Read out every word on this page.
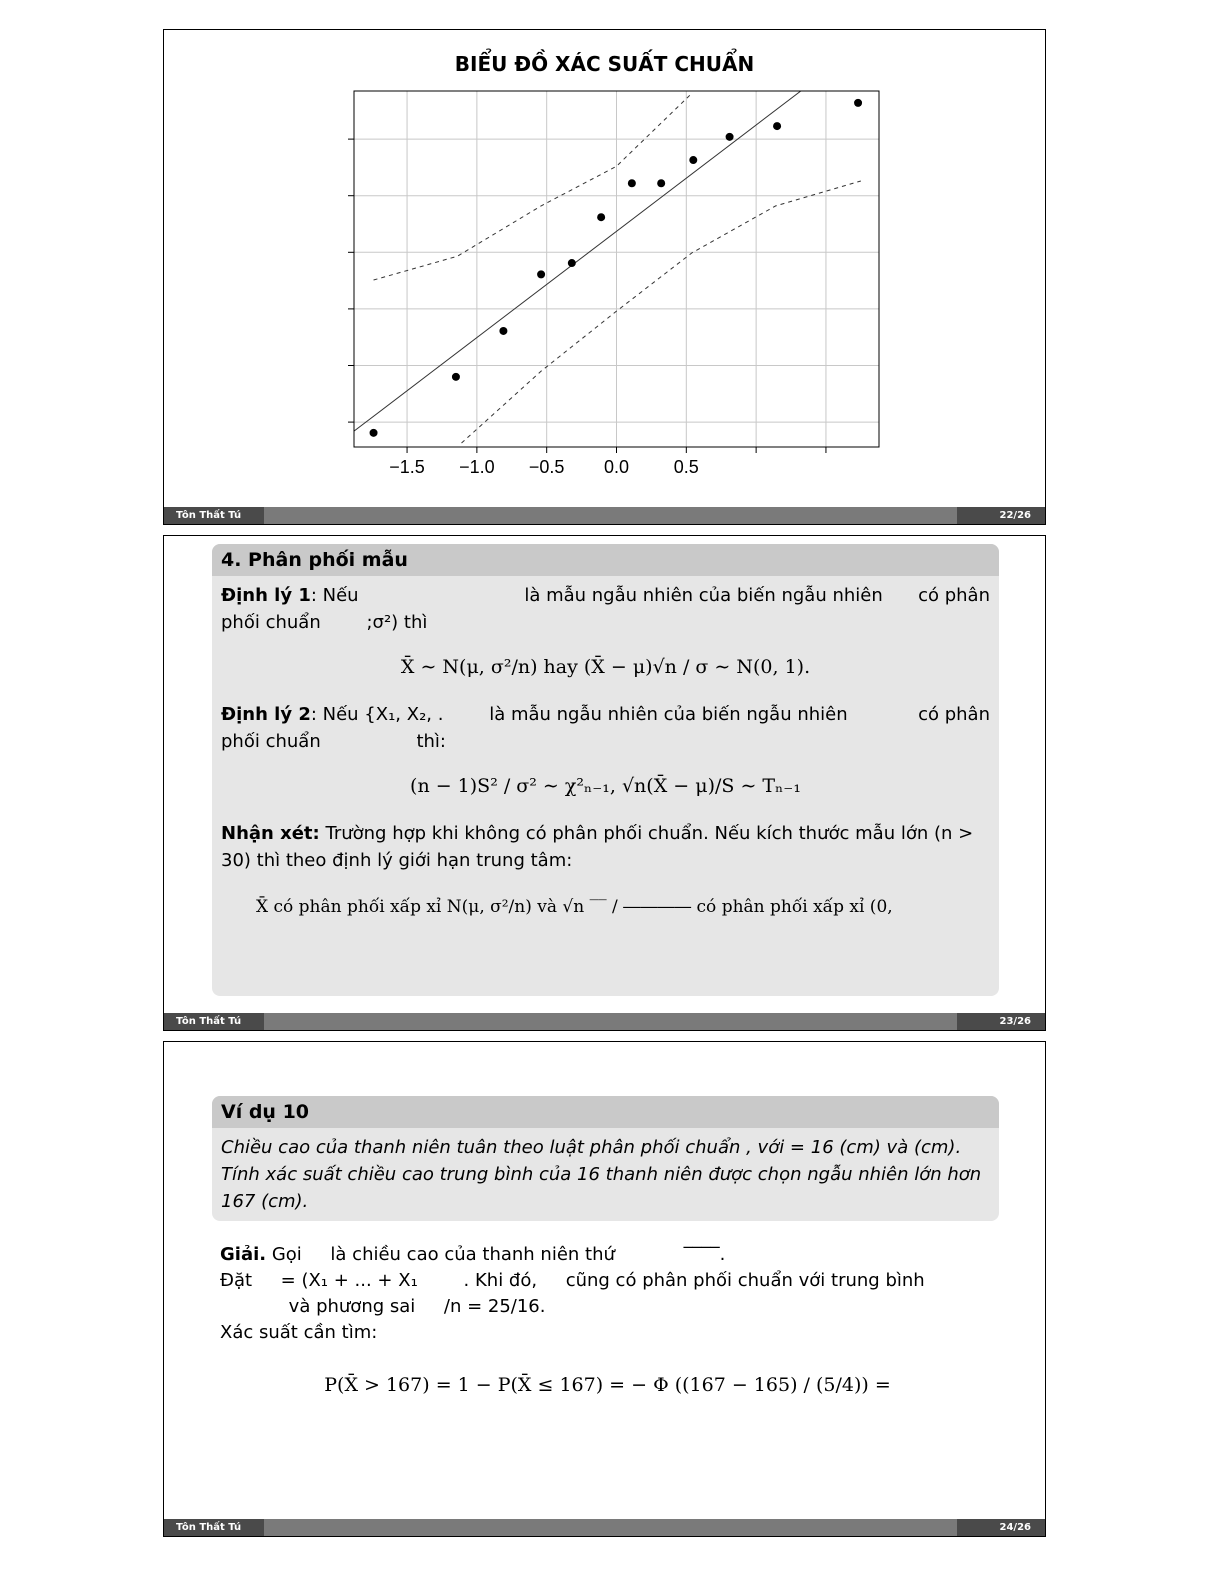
BIỂU ĐỒ XÁC SUẤT CHUẨN
−1.5 −1.0 −0.5 0.0 0.5
Tôn Thất Tú	22/26
4. Phân phối mẫu
Định lý 1: Nếu	là mẫu ngẫu nhiên của biến ngẫu nhiên có phân
phối chuẩn	;σ²) thì
X̄ ∼ N(μ, σ²/n) hay (X̄ − μ)√n / σ ∼ N(0, 1).
Định lý 2: Nếu {X₁, X₂, .	là mẫu ngẫu nhiên của biến ngẫu nhiên	có phân
phối chuẩn	thì:
(n − 1)S² / σ² ∼ χ²ₙ₋₁, √n(X̄ − μ)/S ∼ Tₙ₋₁
Nhận xét: Trường hợp khi không có phân phối chuẩn. Nếu kích thước mẫu lớn (n > 30) thì theo định lý giới hạn trung tâm:
X̄ có phân phối xấp xỉ N(μ, σ²/n) và √n ‾‾ / ―――― có phân phối xấp xỉ (0,
Tôn Thất Tú	23/26
Ví dụ 10
Chiều cao của thanh niên tuân theo luật phân phối chuẩn , với = 16 (cm) và (cm). Tính xác suất chiều cao trung bình của 16 thanh niên được chọn ngẫu nhiên lớn hơn 167 (cm).
Giải. Gọi     là chiều cao của thanh niên thứ            ‾‾‾‾.
Đặt     = (X₁ + ... + X₁        . Khi đó,     cũng có phân phối chuẩn với trung bình
và phương sai     /n = 25/16.
Xác suất cần tìm:
P(X̄ > 167) = 1 − P(X̄ ≤ 167) = − Φ ((167 − 165) / (5/4)) =
Tôn Thất Tú	24/26
